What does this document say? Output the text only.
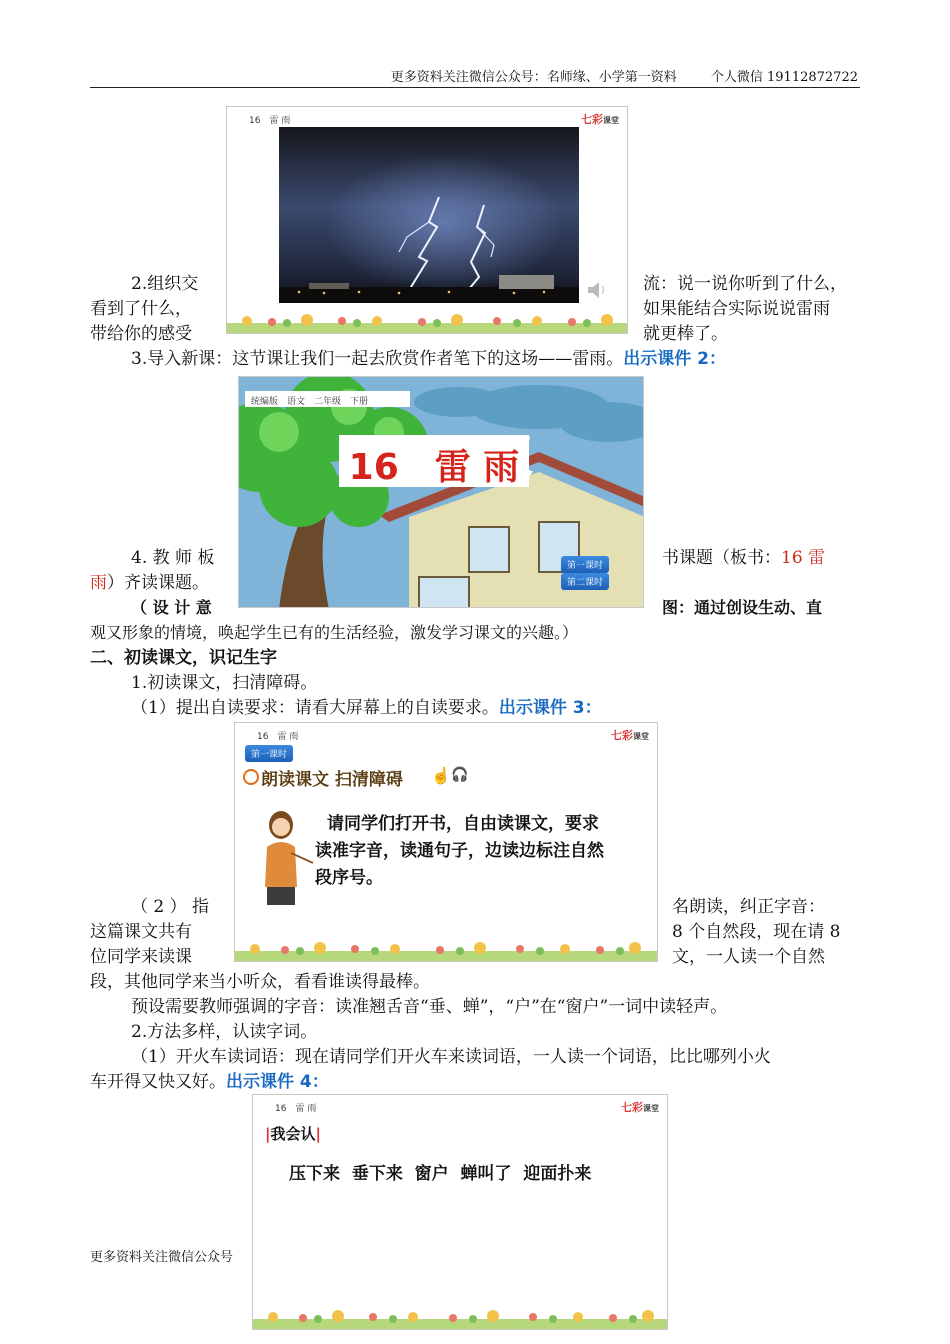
更多资料关注微信公众号：名师缘、小学第一资料	个人微信 19112872722
16　雷 雨	七彩课堂
2.组织交	流：说一说你听到了什么，
看到了什么，	如果能结合实际说说雷雨
带给你的感受	就更棒了。
3.导入新课：这节课让我们一起去欣赏作者笔下的这场——雷雨。出示课件 2：
统编版　语文　二年级　下册
16　雷 雨
第一课时
第二课时
4. 教 师 板	书课题（板书：16 雷
雨）齐读课题。
（ 设 计 意	图：通过创设生动、直
观又形象的情境，唤起学生已有的生活经验，激发学习课文的兴趣。）
二、初读课文，识记生字
1.初读课文，扫清障碍。
（1）提出自读要求：请看大屏幕上的自读要求。出示课件 3：
16　雷 雨	七彩课堂
第一课时
朗读课文 扫清障碍 ☝ 🎧
请同学们打开书，自由读课文，要求
读准字音，读通句子，边读边标注自然
段序号。
（ 2 ） 指	名朗读，纠正字音：
这篇课文共有	8 个自然段，现在请 8
位同学来读课	文，一人读一个自然
段，其他同学来当小听众，看看谁读得最棒。
预设需要教师强调的字音：读准翘舌音“垂、蝉”，“户”在“窗户”一词中读轻声。
2.方法多样，认读字词。
（1）开火车读词语：现在请同学们开火车来读词语，一人读一个词语，比比哪列小火
车开得又快又好。出示课件 4：
16　雷 雨	七彩课堂
|我会认|
压下来  垂下来  窗户  蝉叫了  迎面扑来
更多资料关注微信公众号
